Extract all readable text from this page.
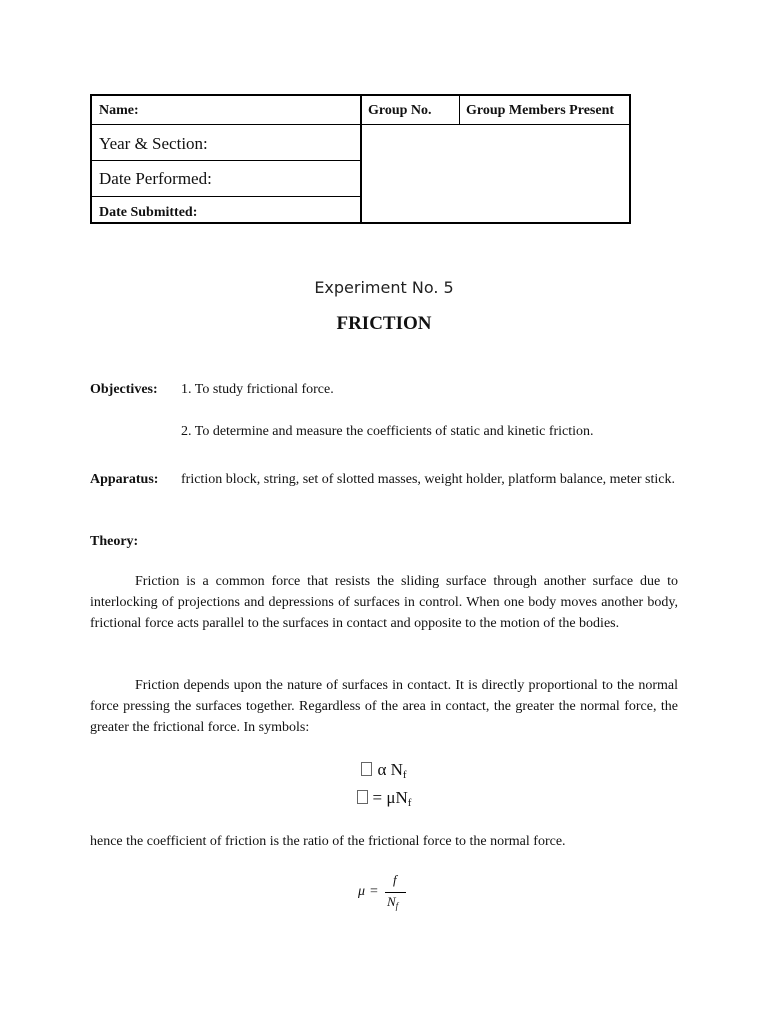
Name:
Year & Section:
Date Performed:
Date Submitted:
Group No.	Group Members Present
Experiment No. 5
FRICTION
Objectives: 1. To study frictional force.
2. To determine and measure the coefficients of static and kinetic friction.
Apparatus: friction block, string, set of slotted masses, weight holder, platform balance, meter stick.
Theory:
Friction is a common force that resists the sliding surface through another surface due to interlocking of projections and depressions of surfaces in control. When one body moves another body, frictional force acts parallel to the surfaces in contact and opposite to the motion of the bodies.
Friction depends upon the nature of surfaces in contact. It is directly proportional to the normal force pressing the surfaces together. Regardless of the area in contact, the greater the normal force, the greater the frictional force. In symbols:
α $N_f$
= $\mu N_f$
hence the coefficient of friction is the ratio of the frictional force to the normal force.
μ =
f
$N_f$
